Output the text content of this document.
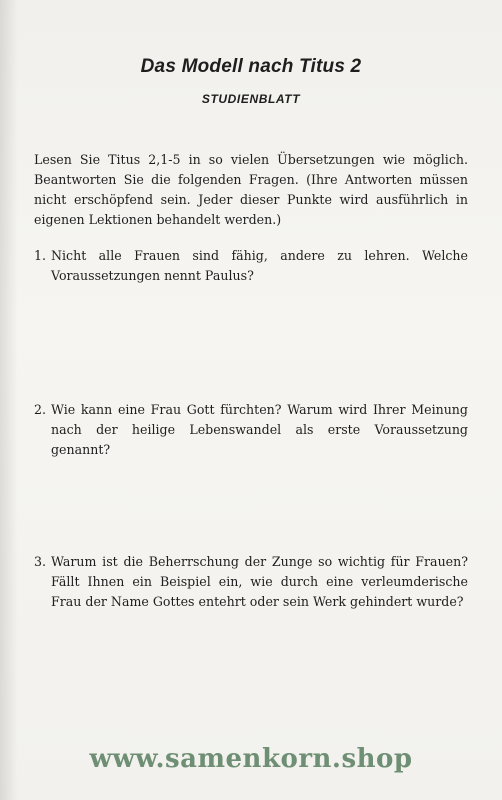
Das Modell nach Titus 2
STUDIENBLATT
Lesen Sie Titus 2,1-5 in so vielen Übersetzungen wie möglich. Beantworten Sie die folgenden Fragen. (Ihre Antworten müssen nicht erschöpfend sein. Jeder dieser Punkte wird ausführlich in eigenen Lektionen behandelt werden.)
1. Nicht alle Frauen sind fähig, andere zu lehren. Welche Voraussetzungen nennt Paulus?
2. Wie kann eine Frau Gott fürchten? Warum wird Ihrer Meinung nach der heilige Lebenswandel als erste Voraussetzung genannt?
3. Warum ist die Beherrschung der Zunge so wichtig für Frauen? Fällt Ihnen ein Beispiel ein, wie durch eine verleumderische Frau der Name Gottes entehrt oder sein Werk gehindert wurde?
www.samenkorn.shop
